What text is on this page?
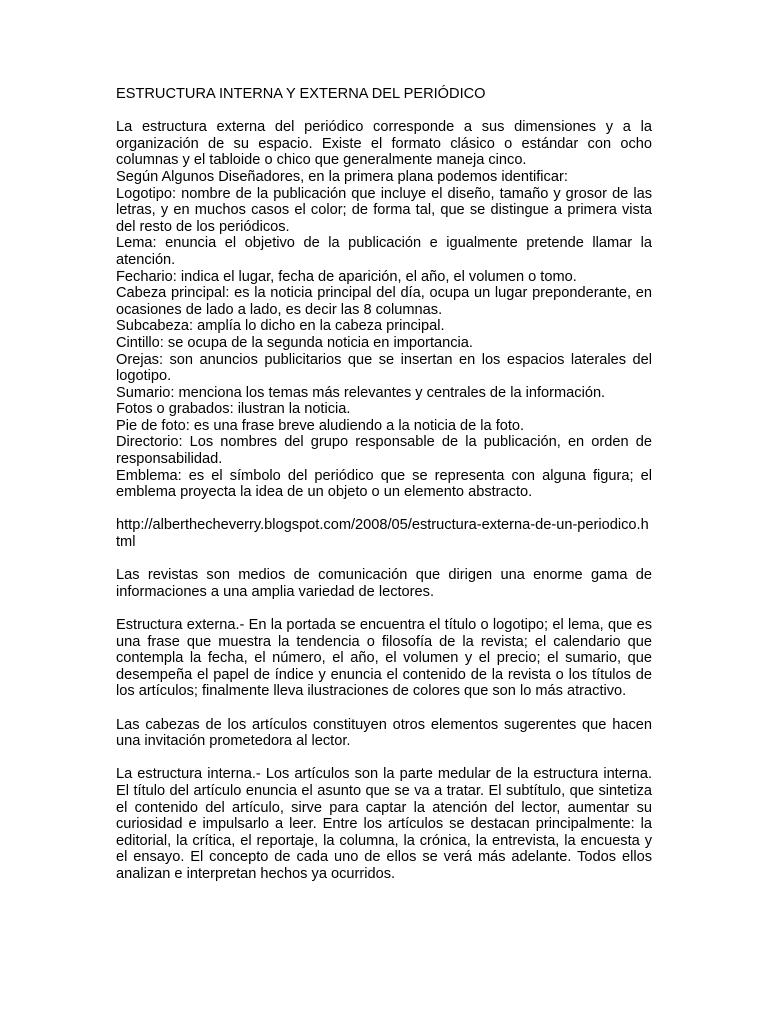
ESTRUCTURA INTERNA Y EXTERNA DEL PERIÓDICO

La estructura externa del periódico corresponde a sus dimensiones y a la organización de su espacio. Existe el formato clásico o estándar con ocho columnas y el tabloide o chico que generalmente maneja cinco.

Según Algunos Diseñadores, en la primera plana podemos identificar:

Logotipo: nombre de la publicación que incluye el diseño, tamaño y grosor de las letras, y en muchos casos el color; de forma tal, que se distingue a primera vista del resto de los periódicos.

Lema: enuncia el objetivo de la publicación e igualmente pretende llamar la atención.

Fechario: indica el lugar, fecha de aparición, el año, el volumen o tomo.

Cabeza principal: es la noticia principal del día, ocupa un lugar preponderante, en ocasiones de lado a lado, es decir las 8 columnas.

Subcabeza: amplía lo dicho en la cabeza principal.

Cintillo: se ocupa de la segunda noticia en importancia.

Orejas: son anuncios publicitarios que se insertan en los espacios laterales del logotipo.

Sumario: menciona los temas más relevantes y centrales de la información.

Fotos o grabados: ilustran la noticia.

Pie de foto: es una frase breve aludiendo a la noticia de la foto.

Directorio: Los nombres del grupo responsable de la publicación, en orden de responsabilidad.

Emblema: es el símbolo del periódico que se representa con alguna figura; el emblema proyecta la idea de un objeto o un elemento abstracto.

http://alberthecheverry.blogspot.com/2008/05/estructura-externa-de-un-periodico.html

Las revistas son medios de comunicación que dirigen una enorme gama de informaciones a una amplia variedad de lectores.

Estructura externa.- En la portada se encuentra el título o logotipo; el lema, que es una frase que muestra la tendencia o filosofía de la revista; el calendario que contempla la fecha, el número, el año, el volumen y el precio; el sumario, que desempeña el papel de índice y enuncia el contenido de la revista o los títulos de los artículos; finalmente lleva ilustraciones de colores que son lo más atractivo.

Las cabezas de los artículos constituyen otros elementos sugerentes que hacen una invitación prometedora al lector.

La estructura interna.- Los artículos son la parte medular de la estructura interna. El título del artículo enuncia el asunto que se va a tratar. El subtítulo, que sintetiza el contenido del artículo, sirve para captar la atención del lector, aumentar su curiosidad e impulsarlo a leer. Entre los artículos se destacan principalmente: la editorial, la crítica, el reportaje, la columna, la crónica, la entrevista, la encuesta y el ensayo. El concepto de cada uno de ellos se verá más adelante. Todos ellos analizan e interpretan hechos ya ocurridos.
